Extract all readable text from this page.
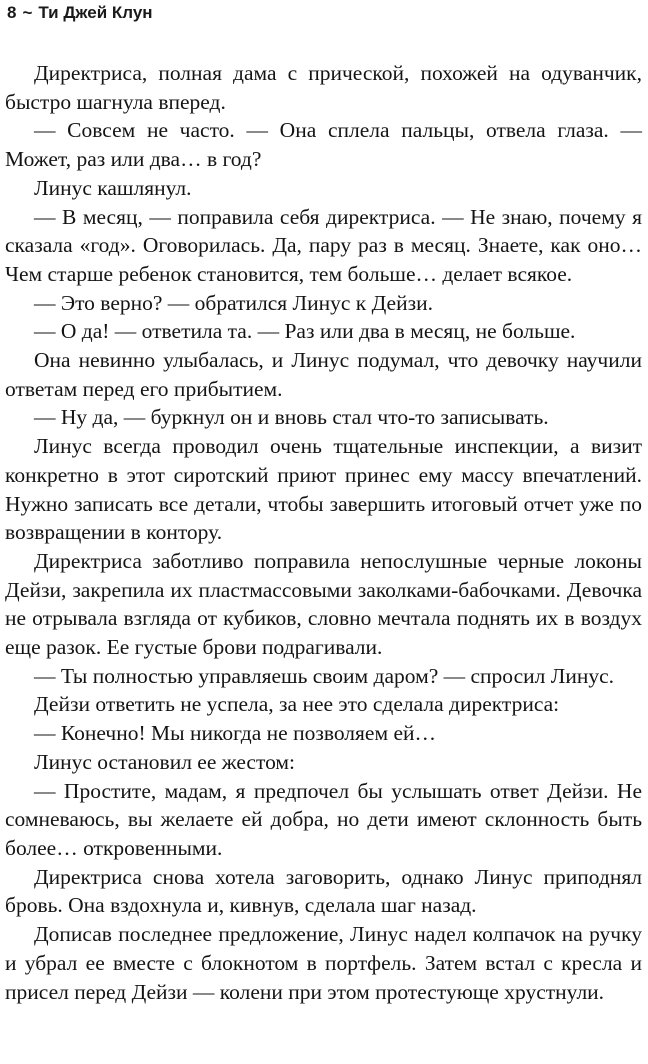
8 ~ Ти Джей Клун

Директриса, полная дама с прической, похожей на одуванчик, быстро шагнула вперед.

— Совсем не часто. — Она сплела пальцы, отвела глаза. — Может, раз или два… в год?

Линус кашлянул.

— В месяц, — поправила себя директриса. — Не знаю, почему я сказала «год». Оговорилась. Да, пару раз в месяц. Знаете, как оно… Чем старше ребенок становится, тем больше… делает всякое.

— Это верно? — обратился Линус к Дейзи.

— О да! — ответила та. — Раз или два в месяц, не больше.

Она невинно улыбалась, и Линус подумал, что девочку научили ответам перед его прибытием.

— Ну да, — буркнул он и вновь стал что-то записывать.

Линус всегда проводил очень тщательные инспекции, а визит конкретно в этот сиротский приют принес ему массу впечатлений. Нужно записать все детали, чтобы завершить итоговый отчет уже по возвращении в контору.

Директриса заботливо поправила непослушные черные локоны Дейзи, закрепила их пластмассовыми заколками-бабочками. Девочка не отрывала взгляда от кубиков, словно мечтала поднять их в воздух еще разок. Ее густые брови подрагивали.

— Ты полностью управляешь своим даром? — спросил Линус.

Дейзи ответить не успела, за нее это сделала директриса:

— Конечно! Мы никогда не позволяем ей…

Линус остановил ее жестом:

— Простите, мадам, я предпочел бы услышать ответ Дейзи. Не сомневаюсь, вы желаете ей добра, но дети имеют склонность быть более… откровенными.

Директриса снова хотела заговорить, однако Линус приподнял бровь. Она вздохнула и, кивнув, сделала шаг назад.

Дописав последнее предложение, Линус надел колпачок на ручку и убрал ее вместе с блокнотом в портфель. Затем встал с кресла и присел перед Дейзи — колени при этом протестующе хрустнули.
